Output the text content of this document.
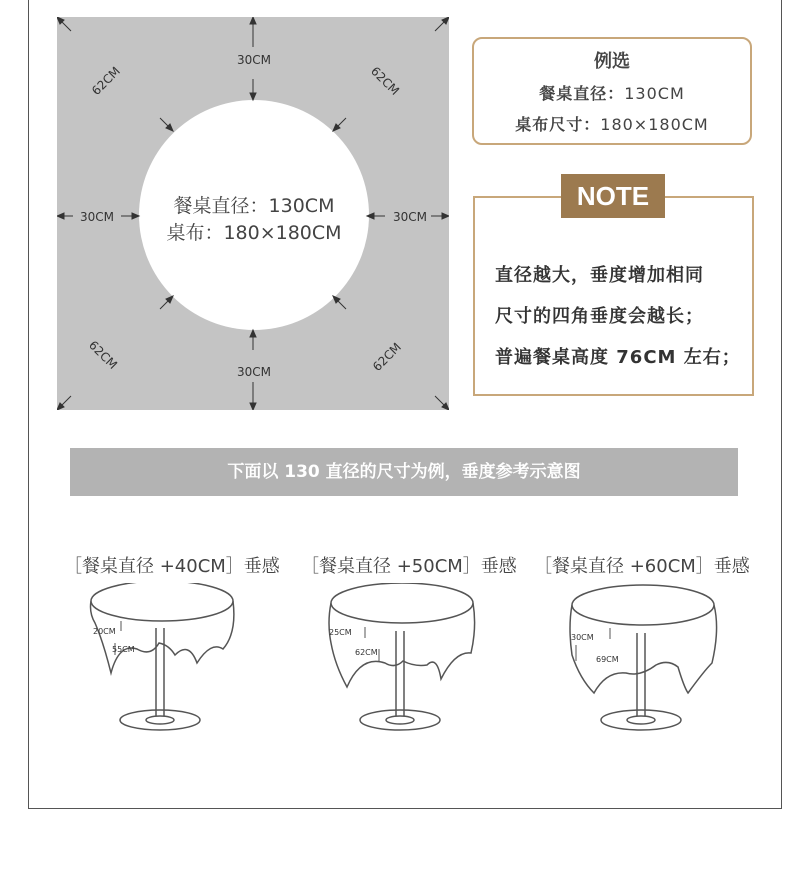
30CM
30CM
30CM	30CM
62CM	62CM
62CM	62CM
餐桌直径：130CM
桌布：180×180CM
例选
餐桌直径：130CM
桌布尺寸：180×180CM
NOTE
直径越大，垂度增加相同
尺寸的四角垂度会越长；
普遍餐桌高度 76CM 左右；
下面以 130 直径的尺寸为例，垂度参考示意图
［餐桌直径 +40CM］垂感 ［餐桌直径 +50CM］垂感 ［餐桌直径 +60CM］垂感
20CM
55CM
25CM
62CM
30CM
69CM
